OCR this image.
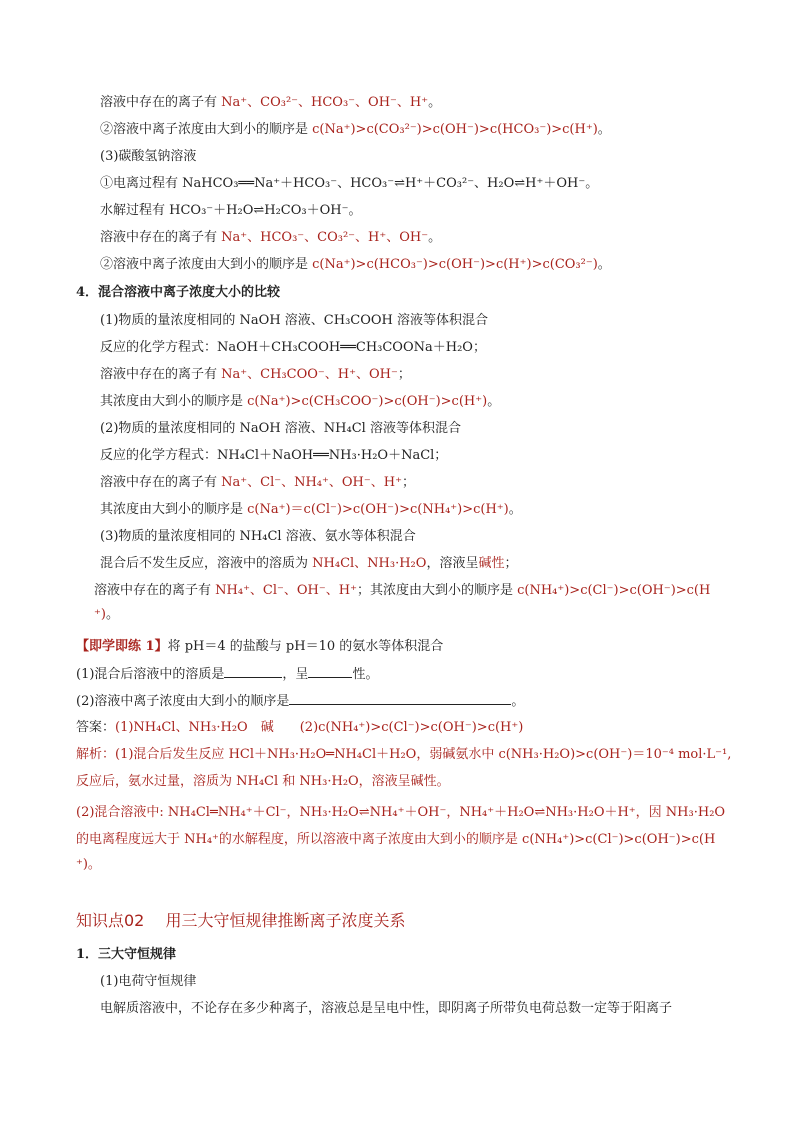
溶液中存在的离子有 Na⁺、CO₃²⁻、HCO₃⁻、OH⁻、H⁺。
②溶液中离子浓度由大到小的顺序是 c(Na⁺)>c(CO₃²⁻)>c(OH⁻)>c(HCO₃⁻)>c(H⁺)。
(3)碳酸氢钠溶液
①电离过程有 NaHCO₃══Na⁺＋HCO₃⁻、HCO₃⁻⇌H⁺＋CO₃²⁻、H₂O⇌H⁺＋OH⁻。
水解过程有 HCO₃⁻＋H₂O⇌H₂CO₃＋OH⁻。
溶液中存在的离子有 Na⁺、HCO₃⁻、CO₃²⁻、H⁺、OH⁻。
②溶液中离子浓度由大到小的顺序是 c(Na⁺)>c(HCO₃⁻)>c(OH⁻)>c(H⁺)>c(CO₃²⁻)。
4．混合溶液中离子浓度大小的比较
(1)物质的量浓度相同的 NaOH 溶液、CH₃COOH 溶液等体积混合
反应的化学方程式：NaOH＋CH₃COOH══CH₃COONa＋H₂O；
溶液中存在的离子有 Na⁺、CH₃COO⁻、H⁺、OH⁻；
其浓度由大到小的顺序是 c(Na⁺)>c(CH₃COO⁻)>c(OH⁻)>c(H⁺)。
(2)物质的量浓度相同的 NaOH 溶液、NH₄Cl 溶液等体积混合
反应的化学方程式：NH₄Cl＋NaOH══NH₃·H₂O＋NaCl；
溶液中存在的离子有 Na⁺、Cl⁻、NH₄⁺、OH⁻、H⁺；
其浓度由大到小的顺序是 c(Na⁺)＝c(Cl⁻)>c(OH⁻)>c(NH₄⁺)>c(H⁺)。
(3)物质的量浓度相同的 NH₄Cl 溶液、氨水等体积混合
混合后不发生反应，溶液中的溶质为 NH₄Cl、NH₃·H₂O，溶液呈碱性；
溶液中存在的离子有 NH₄⁺、Cl⁻、OH⁻、H⁺；其浓度由大到小的顺序是 c(NH₄⁺)>c(Cl⁻)>c(OH⁻)>c(H
⁺)。
【即学即练 1】将 pH＝4 的盐酸与 pH＝10 的氨水等体积混合
(1)混合后溶液中的溶质是	，呈	性。
(2)溶液中离子浓度由大到小的顺序是	。
答案：(1)NH₄Cl、NH₃·H₂O　碱　　(2)c(NH₄⁺)>c(Cl⁻)>c(OH⁻)>c(H⁺)
解析：(1)混合后发生反应 HCl＋NH₃·H₂O═NH₄Cl＋H₂O，弱碱氨水中 c(NH₃·H₂O)>c(OH⁻)＝10⁻⁴ mol·L⁻¹,
反应后，氨水过量，溶质为 NH₄Cl 和 NH₃·H₂O，溶液呈碱性。
(2)混合溶液中: NH₄Cl═NH₄⁺＋Cl⁻，NH₃·H₂O⇌NH₄⁺＋OH⁻，NH₄⁺＋H₂O⇌NH₃·H₂O＋H⁺，因 NH₃·H₂O
的电离程度远大于 NH₄⁺的水解程度，所以溶液中离子浓度由大到小的顺序是 c(NH₄⁺)>c(Cl⁻)>c(OH⁻)>c(H
⁺)。
知识点02　 用三大守恒规律推断离子浓度关系
1．三大守恒规律
(1)电荷守恒规律
电解质溶液中，不论存在多少种离子，溶液总是呈电中性，即阴离子所带负电荷总数一定等于阳离子
